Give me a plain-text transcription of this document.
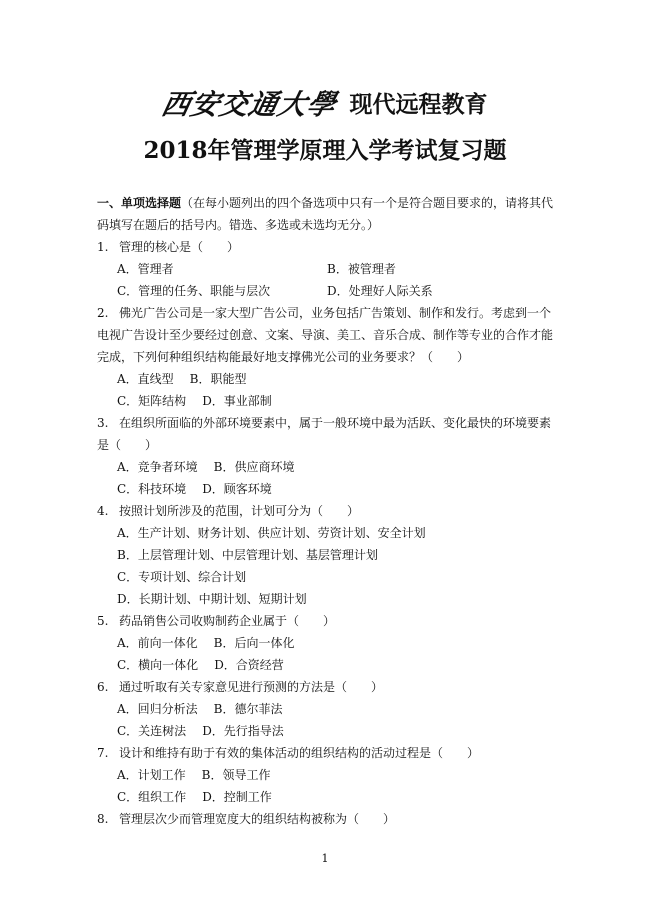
西安交通大學 现代远程教育
2018年管理学原理入学考试复习题

一、单项选择题（在每小题列出的四个备选项中只有一个是符合题目要求的，请将其代码填写在题后的括号内。错选、多选或未选均无分。）

1. 管理的核心是（　　）

A．管理者	B．被管理者
C．管理的任务、职能与层次	D．处理好人际关系

2. 佛光广告公司是一家大型广告公司，业务包括广告策划、制作和发行。考虑到一个电视广告设计至少要经过创意、文案、导演、美工、音乐合成、制作等专业的合作才能完成，下列何种组织结构能最好地支撑佛光公司的业务要求？（　　）

A．直线型 B．职能型
C．矩阵结构 D．事业部制

3. 在组织所面临的外部环境要素中，属于一般环境中最为活跃、变化最快的环境要素是（　　）

A．竞争者环境 B．供应商环境
C．科技环境 D．顾客环境

4. 按照计划所涉及的范围，计划可分为（　　）

A．生产计划、财务计划、供应计划、劳资计划、安全计划
B．上层管理计划、中层管理计划、基层管理计划
C．专项计划、综合计划
D．长期计划、中期计划、短期计划

5. 药品销售公司收购制药企业属于（　　）

A．前向一体化 B．后向一体化
C．横向一体化 D．合资经营

6. 通过听取有关专家意见进行预测的方法是（　　）

A．回归分析法 B．德尔菲法
C．关连树法 D．先行指导法

7. 设计和维持有助于有效的集体活动的组织结构的活动过程是（　　）

A．计划工作 B．领导工作
C．组织工作 D．控制工作

8. 管理层次少而管理宽度大的组织结构被称为（　　）

1
